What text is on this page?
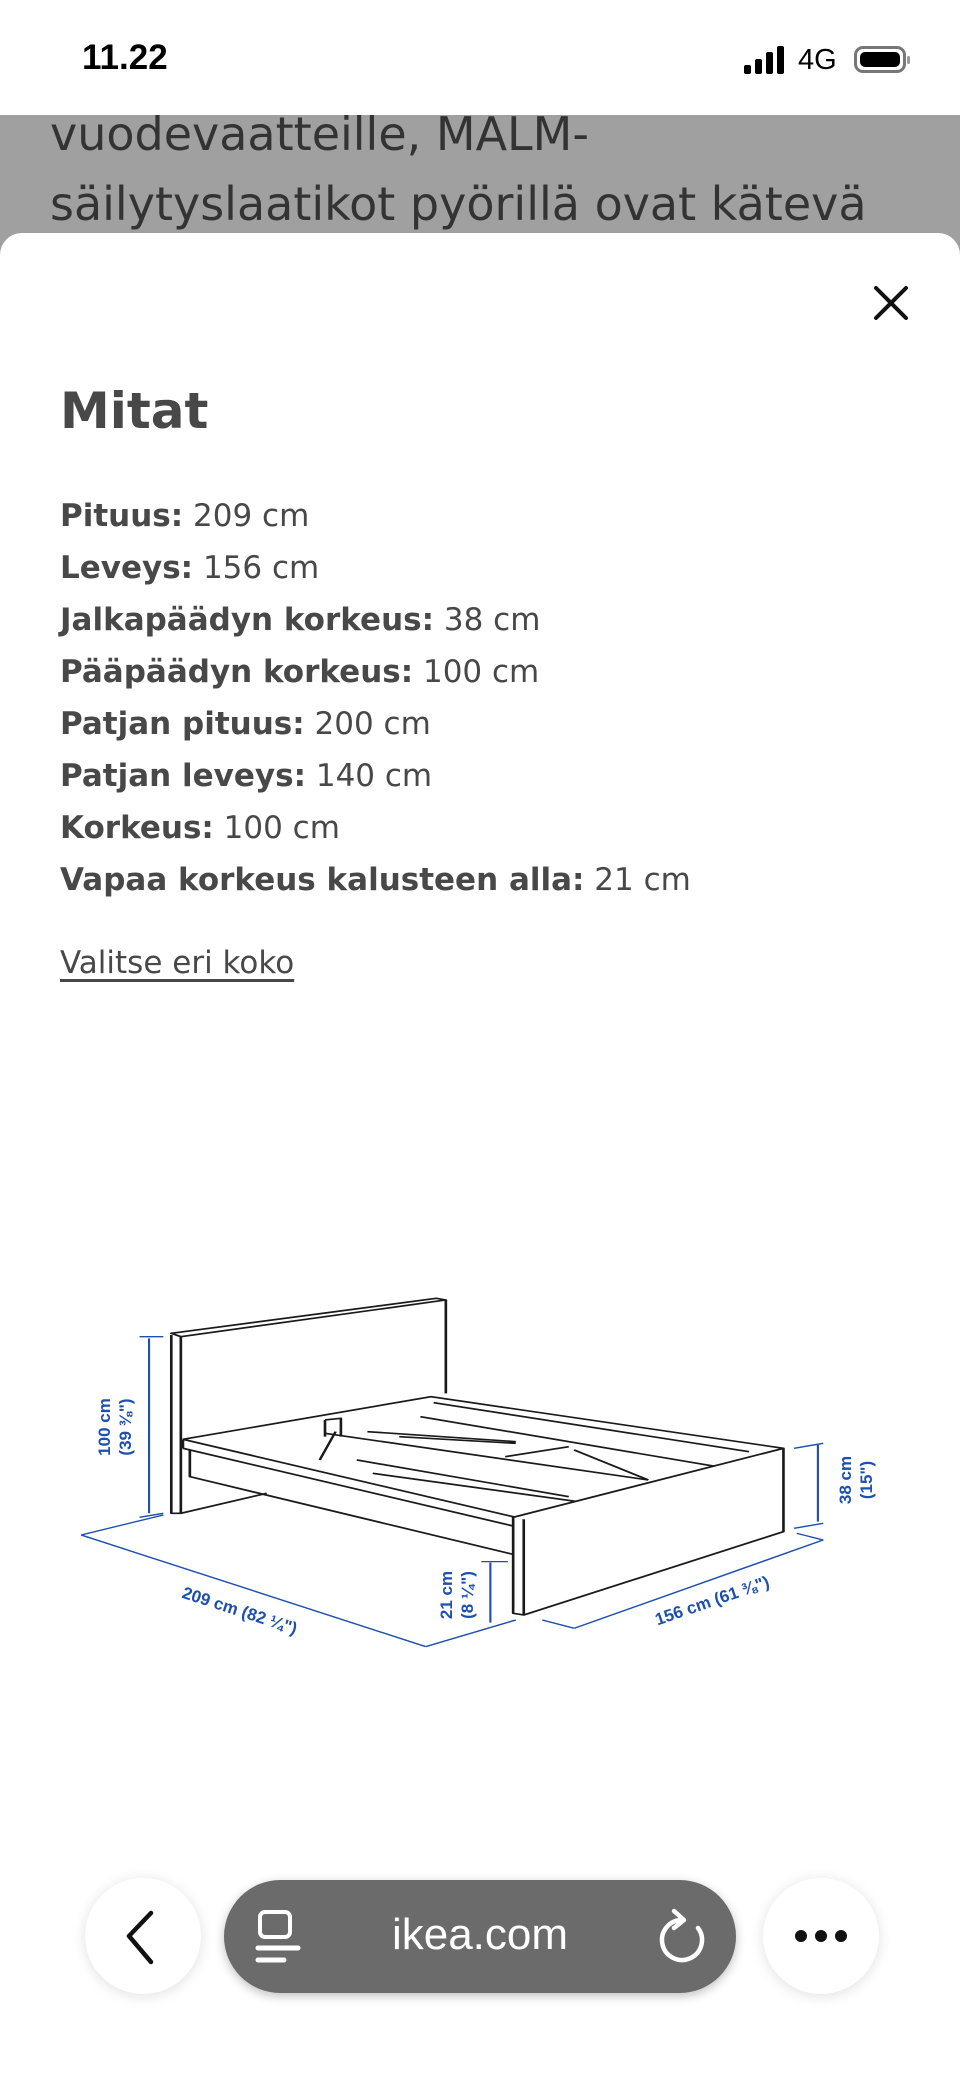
11.22	4G
vuodevaatteille, MALM-
säilytyslaatikot pyörillä ovat kätevä
Mitat
Pituus: 209 cm
Leveys: 156 cm
Jalkapäädyn korkeus: 38 cm
Pääpäädyn korkeus: 100 cm
Patjan pituus: 200 cm
Patjan leveys: 140 cm
Korkeus: 100 cm
Vapaa korkeus kalusteen alla: 21 cm
Valitse eri koko
100 cm (39 ⅜")
38 cm (15")
21 cm (8 ¼")
209 cm (82 ¼")	156 cm (61 ⅜")
ikea.com
